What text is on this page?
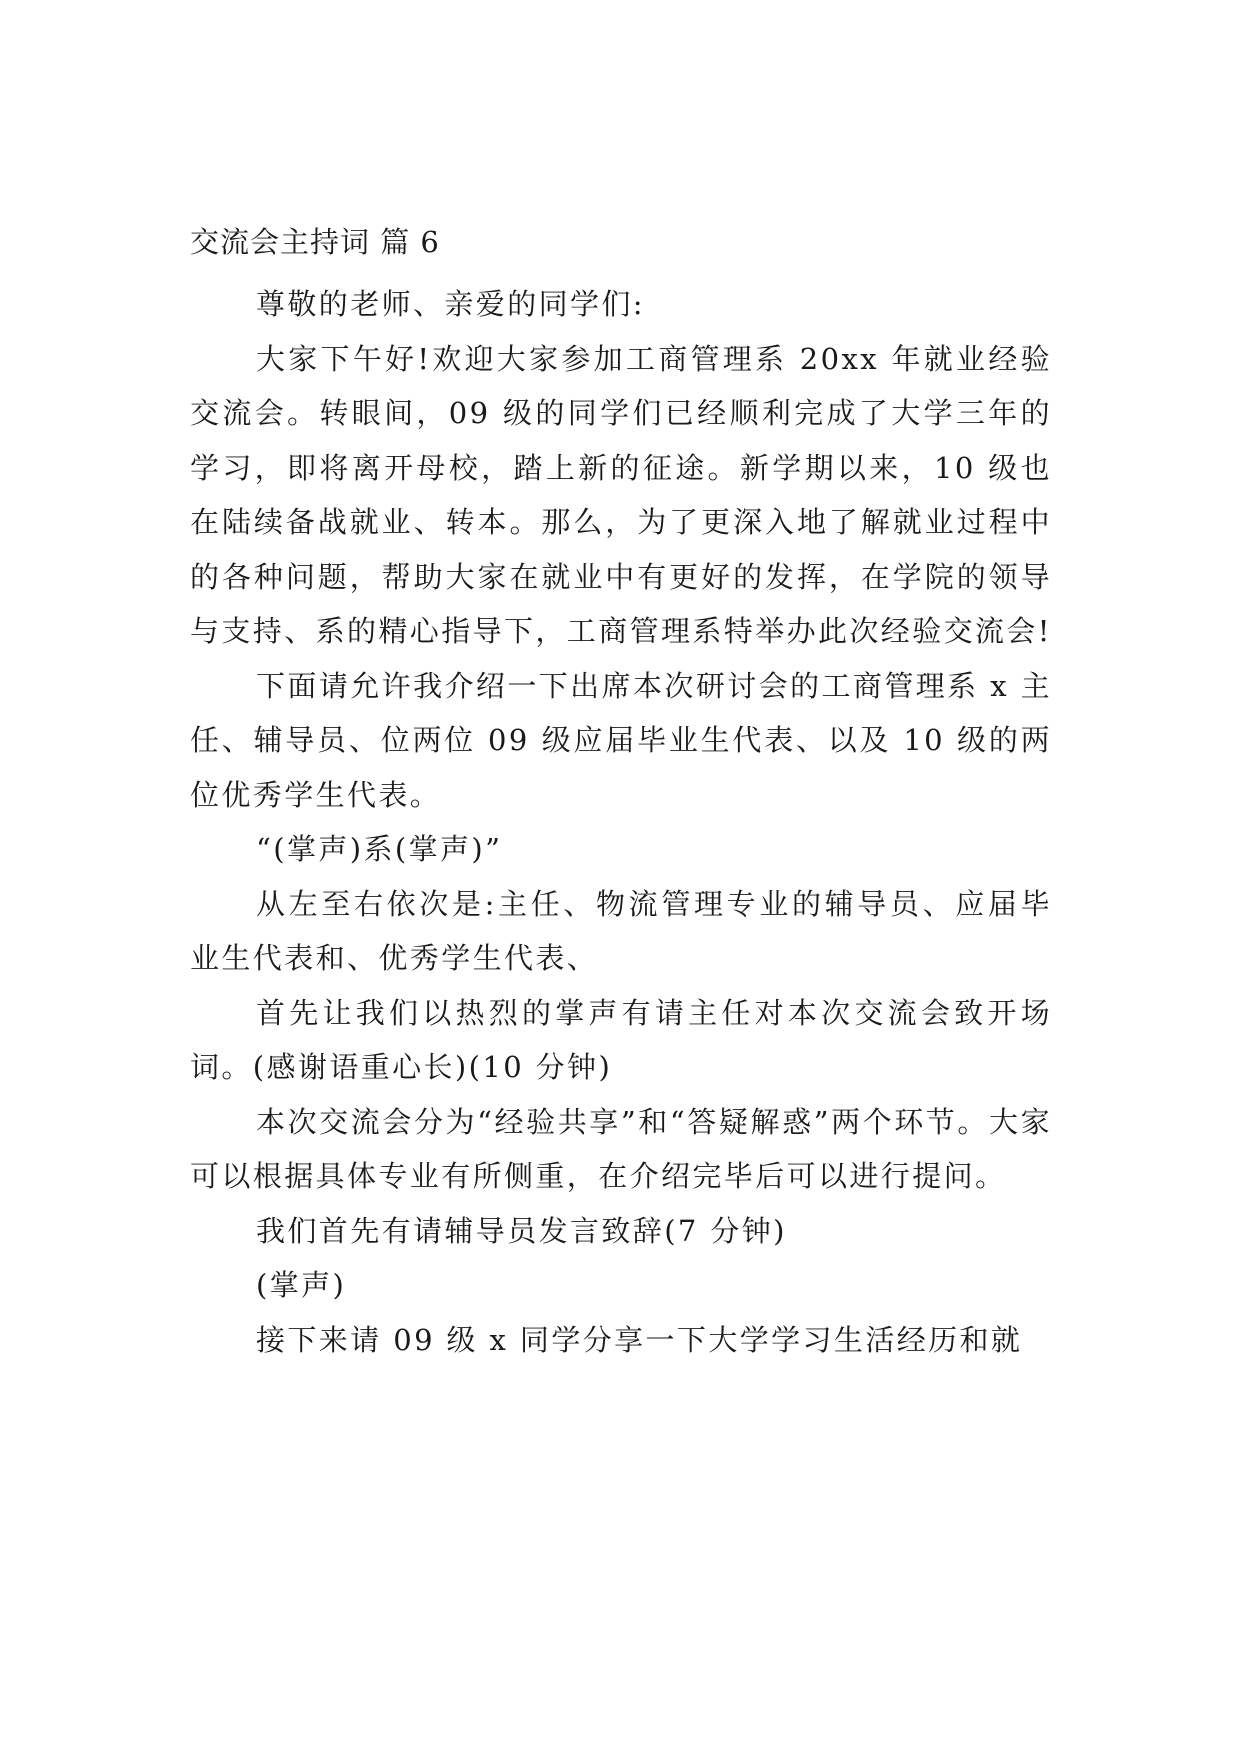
交流会主持词 篇 6

尊敬的老师、亲爱的同学们:

大家下午好!欢迎大家参加工商管理系 20xx 年就业经验交流会。转眼间，09 级的同学们已经顺利完成了大学三年的学习，即将离开母校，踏上新的征途。新学期以来，10 级也在陆续备战就业、转本。那么，为了更深入地了解就业过程中的各种问题，帮助大家在就业中有更好的发挥，在学院的领导与支持、系的精心指导下，工商管理系特举办此次经验交流会!

下面请允许我介绍一下出席本次研讨会的工商管理系 x 主任、辅导员、位两位 09 级应届毕业生代表、以及 10 级的两位优秀学生代表。

“(掌声)系(掌声)”

从左至右依次是:主任、物流管理专业的辅导员、应届毕业生代表和、优秀学生代表、

首先让我们以热烈的掌声有请主任对本次交流会致开场词。(感谢语重心长)(10 分钟)

本次交流会分为“经验共享”和“答疑解惑”两个环节。大家可以根据具体专业有所侧重，在介绍完毕后可以进行提问。

我们首先有请辅导员发言致辞(7 分钟)

(掌声)

接下来请 09 级 x 同学分享一下大学学习生活经历和就
